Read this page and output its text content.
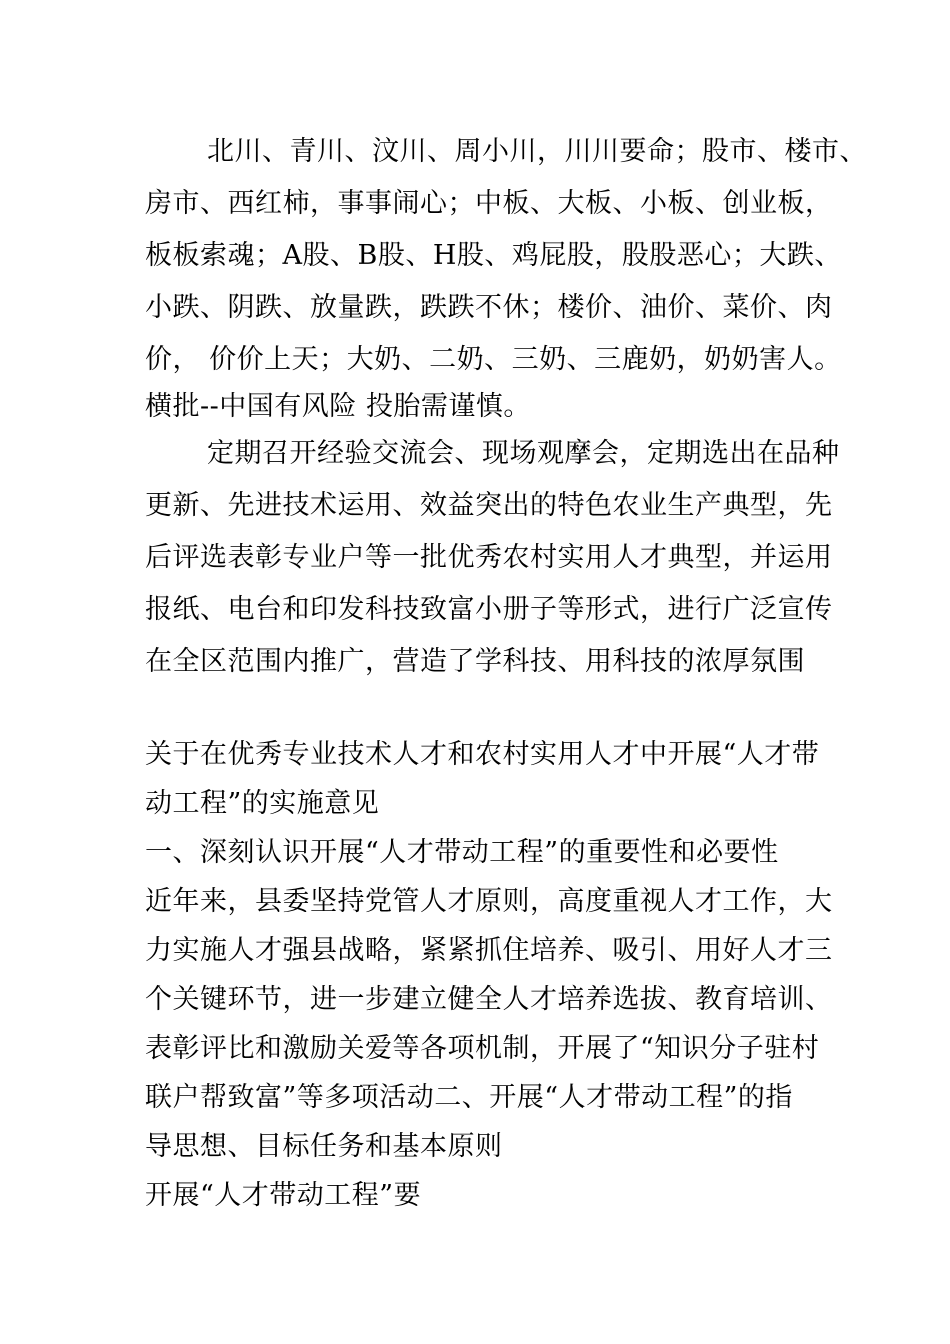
北川、青川、汶川、周小川，川川要命；股市、楼市、
房市、西红柿，事事闹心；中板、大板、小板、创业板，
板板索魂；A股、B股、H股、鸡屁股，股股恶心；大跌、
小跌、阴跌、放量跌，跌跌不休；楼价、油价、菜价、肉
价， 价价上天；大奶、二奶、三奶、三鹿奶，奶奶害人。
横批--中国有风险 投胎需谨慎。
定期召开经验交流会、现场观摩会，定期选出在品种
更新、先进技术运用、效益突出的特色农业生产典型，先
后评选表彰专业户等一批优秀农村实用人才典型，并运用
报纸、电台和印发科技致富小册子等形式，进行广泛宣传
在全区范围内推广，营造了学科技、用科技的浓厚氛围
关于在优秀专业技术人才和农村实用人才中开展“人才带
动工程”的实施意见
一、深刻认识开展“人才带动工程”的重要性和必要性
近年来，县委坚持党管人才原则，高度重视人才工作，大
力实施人才强县战略，紧紧抓住培养、吸引、用好人才三
个关键环节，进一步建立健全人才培养选拔、教育培训、
表彰评比和激励关爱等各项机制，开展了“知识分子驻村
联户帮致富”等多项活动二、开展“人才带动工程”的指
导思想、目标任务和基本原则
开展“人才带动工程”要
